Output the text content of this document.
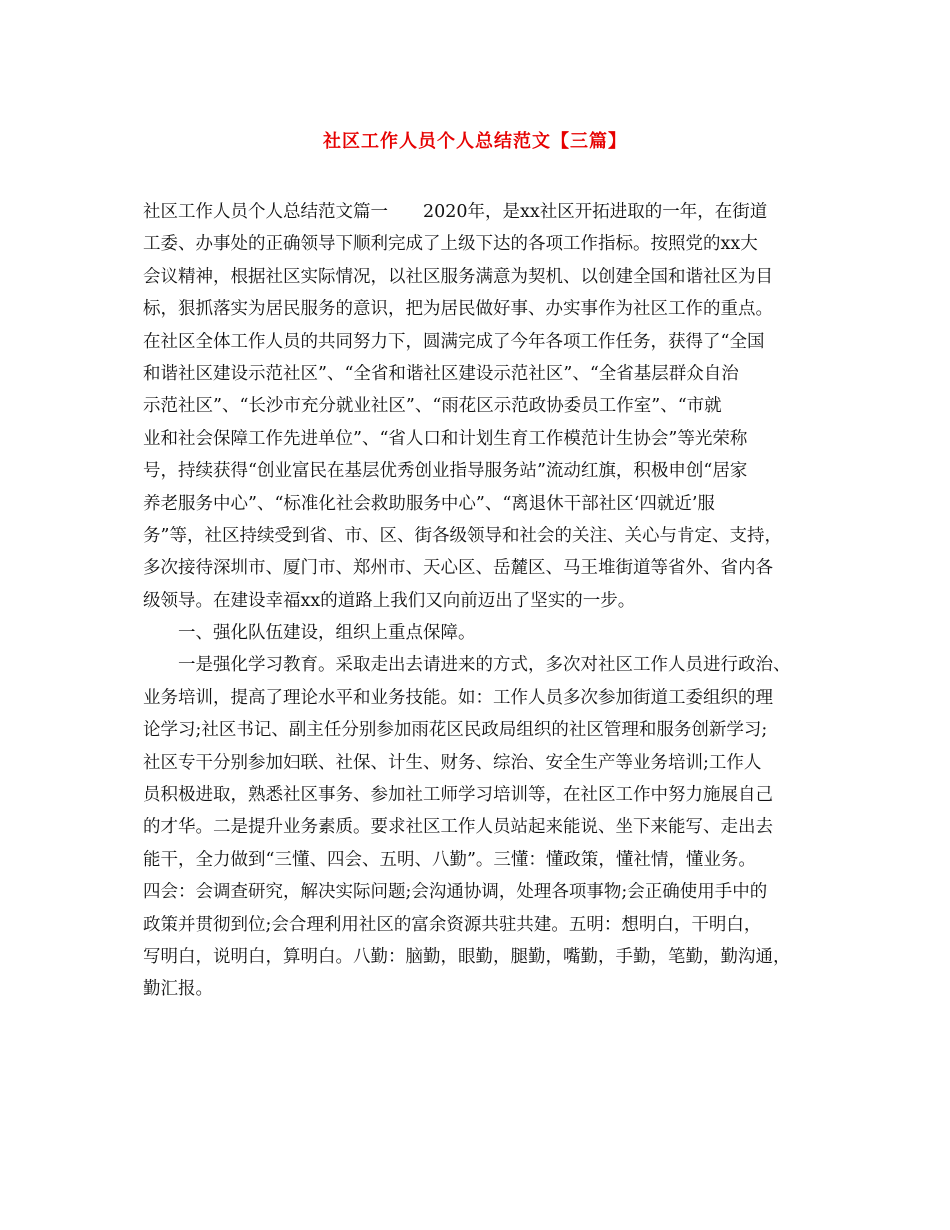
社区工作人员个人总结范文【三篇】
社区工作人员个人总结范文篇一　　2020年，是xx社区开拓进取的一年，在街道
工委、办事处的正确领导下顺利完成了上级下达的各项工作指标。按照党的xx大
会议精神，根据社区实际情况，以社区服务满意为契机、以创建全国和谐社区为目
标，狠抓落实为居民服务的意识，把为居民做好事、办实事作为社区工作的重点。
在社区全体工作人员的共同努力下，圆满完成了今年各项工作任务，获得了“全国
和谐社区建设示范社区”、“全省和谐社区建设示范社区”、“全省基层群众自治
示范社区”、“长沙市充分就业社区”、“雨花区示范政协委员工作室”、“市就
业和社会保障工作先进单位”、“省人口和计划生育工作模范计生协会”等光荣称
号，持续获得“创业富民在基层优秀创业指导服务站”流动红旗，积极申创“居家
养老服务中心”、“标准化社会救助服务中心”、“离退休干部社区‘四就近’服
务”等，社区持续受到省、市、区、街各级领导和社会的关注、关心与肯定、支持，
多次接待深圳市、厦门市、郑州市、天心区、岳麓区、马王堆街道等省外、省内各
级领导。在建设幸福xx的道路上我们又向前迈出了坚实的一步。
　　一、强化队伍建设，组织上重点保障。
　　一是强化学习教育。采取走出去请进来的方式，多次对社区工作人员进行政治、
业务培训，提高了理论水平和业务技能。如：工作人员多次参加街道工委组织的理
论学习;社区书记、副主任分别参加雨花区民政局组织的社区管理和服务创新学习;
社区专干分别参加妇联、社保、计生、财务、综治、安全生产等业务培训;工作人
员积极进取，熟悉社区事务、参加社工师学习培训等，在社区工作中努力施展自己
的才华。二是提升业务素质。要求社区工作人员站起来能说、坐下来能写、走出去
能干，全力做到“三懂、四会、五明、八勤”。三懂：懂政策，懂社情，懂业务。
四会：会调查研究，解决实际问题;会沟通协调，处理各项事物;会正确使用手中的
政策并贯彻到位;会合理利用社区的富余资源共驻共建。五明：想明白，干明白，
写明白，说明白，算明白。八勤：脑勤，眼勤，腿勤，嘴勤，手勤，笔勤，勤沟通，
勤汇报。
